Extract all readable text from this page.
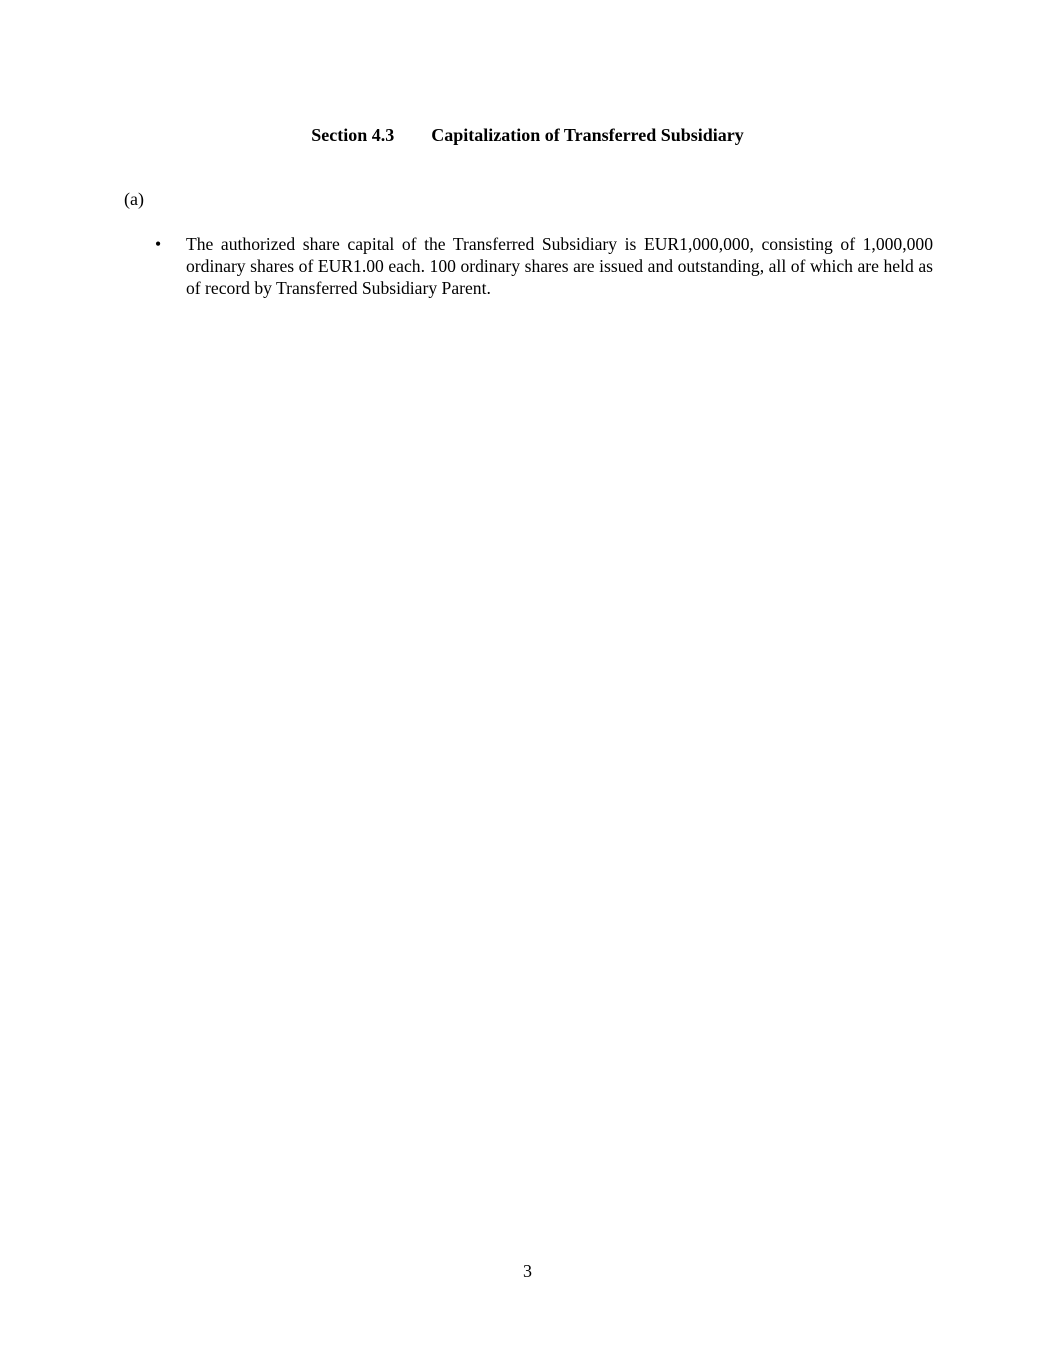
Section 4.3 Capitalization of Transferred Subsidiary
(a)
• The authorized share capital of the Transferred Subsidiary is EUR1,000,000, consisting of 1,000,000 ordinary shares of EUR1.00 each. 100 ordinary shares are issued and outstanding, all of which are held as of record by Transferred Subsidiary Parent.
3
